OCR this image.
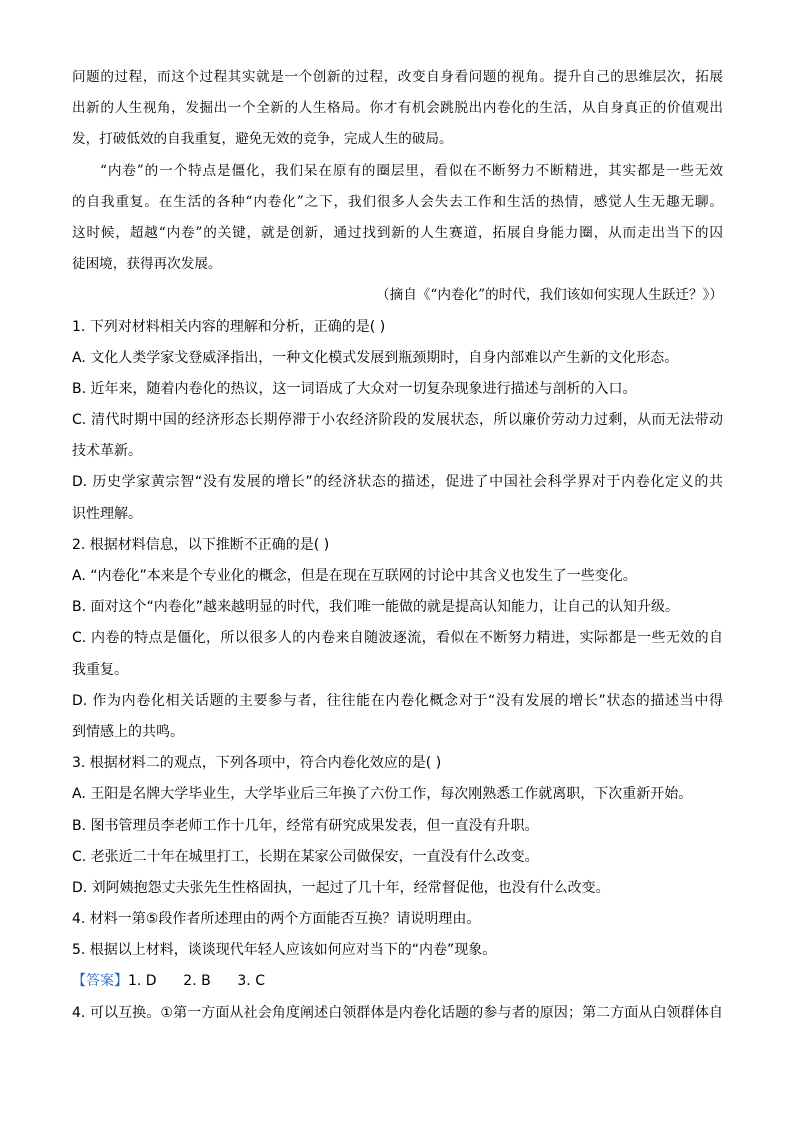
问题的过程，而这个过程其实就是一个创新的过程，改变自身看问题的视角。提升自己的思维层次，拓展
出新的人生视角，发掘出一个全新的人生格局。你才有机会跳脱出内卷化的生活，从自身真正的价值观出
发，打破低效的自我重复，避免无效的竞争，完成人生的破局。
“内卷”的一个特点是僵化，我们呆在原有的圈层里，看似在不断努力不断精进，其实都是一些无效
的自我重复。在生活的各种“内卷化”之下，我们很多人会失去工作和生活的热情，感觉人生无趣无聊。
这时候，超越“内卷”的关键，就是创新，通过找到新的人生赛道，拓展自身能力圈，从而走出当下的囚
徒困境，获得再次发展。
（摘自《“内卷化”的时代，我们该如何实现人生跃迁？》）
1. 下列对材料相关内容的理解和分析，正确的是( )
A. 文化人类学家戈登威泽指出，一种文化模式发展到瓶颈期时，自身内部难以产生新的文化形态。
B. 近年来，随着内卷化的热议，这一词语成了大众对一切复杂现象进行描述与剖析的入口。
C. 清代时期中国的经济形态长期停滞于小农经济阶段的发展状态，所以廉价劳动力过剩，从而无法带动
技术革新。
D. 历史学家黄宗智“没有发展的增长”的经济状态的描述，促进了中国社会科学界对于内卷化定义的共
识性理解。
2. 根据材料信息，以下推断不正确的是( )
A. “内卷化”本来是个专业化的概念，但是在现在互联网的讨论中其含义也发生了一些变化。
B. 面对这个“内卷化”越来越明显的时代，我们唯一能做的就是提高认知能力，让自己的认知升级。
C. 内卷的特点是僵化，所以很多人的内卷来自随波逐流，看似在不断努力精进，实际都是一些无效的自
我重复。
D. 作为内卷化相关话题的主要参与者，往往能在内卷化概念对于“没有发展的增长”状态的描述当中得
到情感上的共鸣。
3. 根据材料二的观点，下列各项中，符合内卷化效应的是( )
A. 王阳是名牌大学毕业生，大学毕业后三年换了六份工作，每次刚熟悉工作就离职，下次重新开始。
B. 图书管理员李老师工作十几年，经常有研究成果发表，但一直没有升职。
C. 老张近二十年在城里打工，长期在某家公司做保安，一直没有什么改变。
D. 刘阿姨抱怨丈夫张先生性格固执，一起过了几十年，经常督促他，也没有什么改变。
4. 材料一第⑤段作者所述理由的两个方面能否互换？请说明理由。
5. 根据以上材料，谈谈现代年轻人应该如何应对当下的“内卷”现象。
【答案】1. D      2. B      3. C
4. 可以互换。①第一方面从社会角度阐述白领群体是内卷化话题的参与者的原因；第二方面从白领群体自
